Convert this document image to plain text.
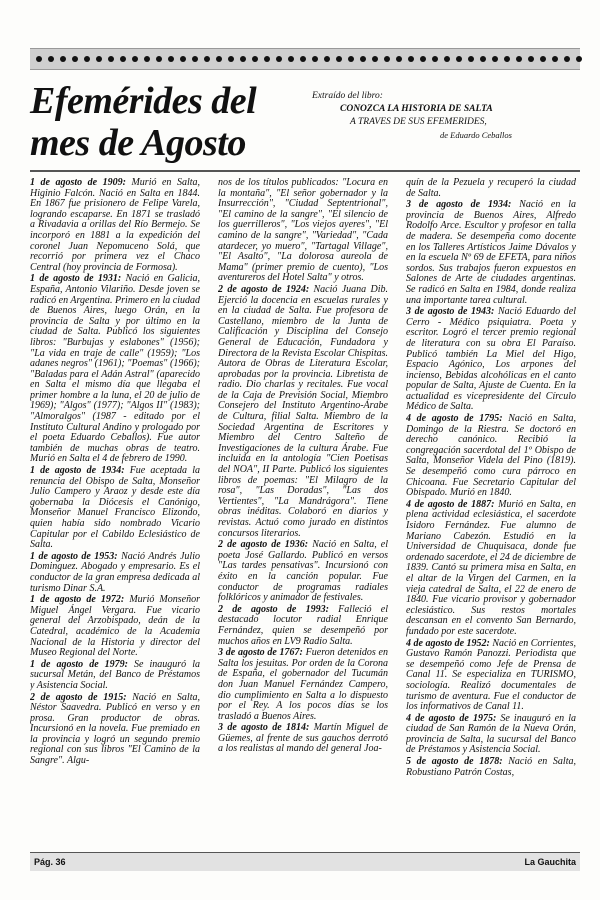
Efemérides del
mes de Agosto
Extraído del libro:
CONOZCA LA HISTORIA DE SALTA
A TRAVES DE SUS EFEMERIDES,
de Eduardo Ceballos

1 de agosto de 1909: Murió en Salta, Higinio Falcón. Nació en Salta en 1844. En 1867 fue prisionero de Felipe Varela, logrando escaparse. En 1871 se trasladó a Rivadavia a orillas del Río Bermejo. Se incorporó en 1881 a la expedición del coronel Juan Nepomuceno Solá, que recorrió por primera vez el Chaco Central (hoy provincia de Formosa).

1 de agosto de 1931: Nació en Galicia, España, Antonio Vilariño. Desde joven se radicó en Argentina. Primero en la ciudad de Buenos Aires, luego Orán, en la provincia de Salta y por último en la ciudad de Salta. Publicó los siguientes libros: "Burbujas y eslabones" (1956); "La vida en traje de calle" (1959); "Los adanes negros" (1961); "Poemas" (1966); "Baladas para el Adán Astral" (aparecido en Salta el mismo día que llegaba el primer hombre a la luna, el 20 de julio de 1969); "Algos" (1977); "Algos II" (1983); "Almoralgos" (1987 - editado por el Instituto Cultural Andino y prologado por el poeta Eduardo Ceballos). Fue autor también de muchas obras de teatro. Murió en Salta el 4 de febrero de 1990.

1 de agosto de 1934: Fue aceptada la renuncia del Obispo de Salta, Monseñor Julio Campero y Araoz y desde este día gobernaba la Diócesis el Canónigo, Monseñor Manuel Francisco Elizondo, quien había sido nombrado Vicario Capitular por el Cabildo Eclesiástico de Salta.

1 de agosto de 1953: Nació Andrés Julio Dominguez. Abogado y empresario. Es el conductor de la gran empresa dedicada al turismo Dinar S.A.

1 de agosto de 1972: Murió Monseñor Miguel Ángel Vergara. Fue vicario general del Arzobispado, deán de la Catedral, académico de la Academia Nacional de la Historia y director del Museo Regional del Norte.

1 de agosto de 1979: Se inauguró la sucursal Metán, del Banco de Préstamos y Asistencia Social.

2 de agosto de 1915: Nació en Salta, Néstor Saavedra. Publicó en verso y en prosa. Gran productor de obras. Incursionó en la novela. Fue premiado en la provincia y logró un segundo premio regional con sus libros "El Camino de la Sangre". Algu-

nos de los títulos publicados: "Locura en la montaña", "El señor gobernador y la Insurrección", "Ciudad Septentrional", "El camino de la sangre", "El silencio de los guerrilleros", "Los viejos ayeres", "El camino de la sangre", "Variedad", "Cada atardecer, yo muero", "Tartagal Village", "El Asalto", "La dolorosa aureola de Mama" (primer premio de cuento), "Los aventureros del Hotel Salta" y otros.

2 de agosto de 1924: Nació Juana Dib. Ejerció la docencia en escuelas rurales y en la ciudad de Salta. Fue profesora de Castellano, miembro de la Junta de Calificación y Disciplina del Consejo General de Educación, Fundadora y Directora de la Revista Escolar Chispitas. Autora de Obras de Literatura Escolar, aprobadas por la provincia. Libretista de radio. Dio charlas y recitales. Fue vocal de la Caja de Previsión Social, Miembro Consejero del Instituto Argentino-Árabe de Cultura, filial Salta. Miembro de la Sociedad Argentina de Escritores y Miembro del Centro Salteño de Investigaciones de la cultura Árabe. Fue incluida en la antología "Cien Poetisas del NOA", II Parte. Publicó los siguientes libros de poemas: "El Milagro de la rosa", "Las Doradas", "Las dos Vertientes", "La Mandrágora". Tiene obras inéditas. Colaboró en diarios y revistas. Actuó como jurado en distintos concursos literarios.

2 de agosto de 1936: Nació en Salta, el poeta José Gallardo. Publicó en versos "Las tardes pensativas". Incursionó con éxito en la canción popular. Fue conductor de programas radiales folklóricos y animador de festivales.

2 de agosto de 1993: Falleció el destacado locutor radial Enrique Fernández, quien se desempeñó por muchos años en LV9 Radio Salta.

3 de agosto de 1767: Fueron detenidos en Salta los jesuitas. Por orden de la Corona de España, el gobernador del Tucumán don Juan Manuel Fernández Campero, dio cumplimiento en Salta a lo dispuesto por el Rey. A los pocos días se los trasladó a Buenos Aires.

3 de agosto de 1814: Martín Miguel de Güemes, al frente de sus gauchos derrotó a los realistas al mando del general Joa-

quín de la Pezuela y recuperó la ciudad de Salta.

3 de agosto de 1934: Nació en la provincia de Buenos Aires, Alfredo Rodolfo Arce. Escultor y profesor en talla de madera. Se desempeña como docente en los Talleres Artísticos Jaime Dávalos y en la escuela Nº 69 de EFETA, para niños sordos. Sus trabajos fueron expuestos en Salones de Arte de ciudades argentinas. Se radicó en Salta en 1984, donde realiza una importante tarea cultural.

3 de agosto de 1943: Nació Eduardo del Cerro - Médico psiquiatra. Poeta y escritor. Logró el tercer premio regional de literatura con su obra El Paraíso. Publicó también La Miel del Higo, Espacio Agónico, Los arpones del incienso, Bebidas alcohólicas en el canto popular de Salta, Ajuste de Cuenta. En la actualidad es vicepresidente del Círculo Médico de Salta.

4 de agosto de 1795: Nació en Salta, Domingo de la Riestra. Se doctoró en derecho canónico. Recibió la congregación sacerdotal del 1º Obispo de Salta, Monseñor Videla del Pino (1819). Se desempeñó como cura párroco en Chicoana. Fue Secretario Capitular del Obispado. Murió en 1840.

4 de agosto de 1887: Murió en Salta, en plena actividad eclesiástica, el sacerdote Isidoro Fernández. Fue alumno de Mariano Cabezón. Estudió en la Universidad de Chuquisaca, donde fue ordenado sacerdote, el 24 de diciembre de 1839. Cantó su primera misa en Salta, en el altar de la Virgen del Carmen, en la vieja catedral de Salta, el 22 de enero de 1840. Fue vicario provisor y gobernador eclesiástico. Sus restos mortales descansan en el convento San Bernardo, fundado por este sacerdote.

4 de agosto de 1952: Nació en Corrientes, Gustavo Ramón Panozzi. Periodista que se desempeñó como Jefe de Prensa de Canal 11. Se especializa en TURISMO, sociología. Realizó documentales de turismo de aventura. Fue el conductor de los informativos de Canal 11.

4 de agosto de 1975: Se inauguró en la ciudad de San Ramón de la Nueva Orán, provincia de Salta, la sucursal del Banco de Préstamos y Asistencia Social.

5 de agosto de 1878: Nació en Salta, Robustiano Patrón Costas,

Pág. 36	La Gauchita
